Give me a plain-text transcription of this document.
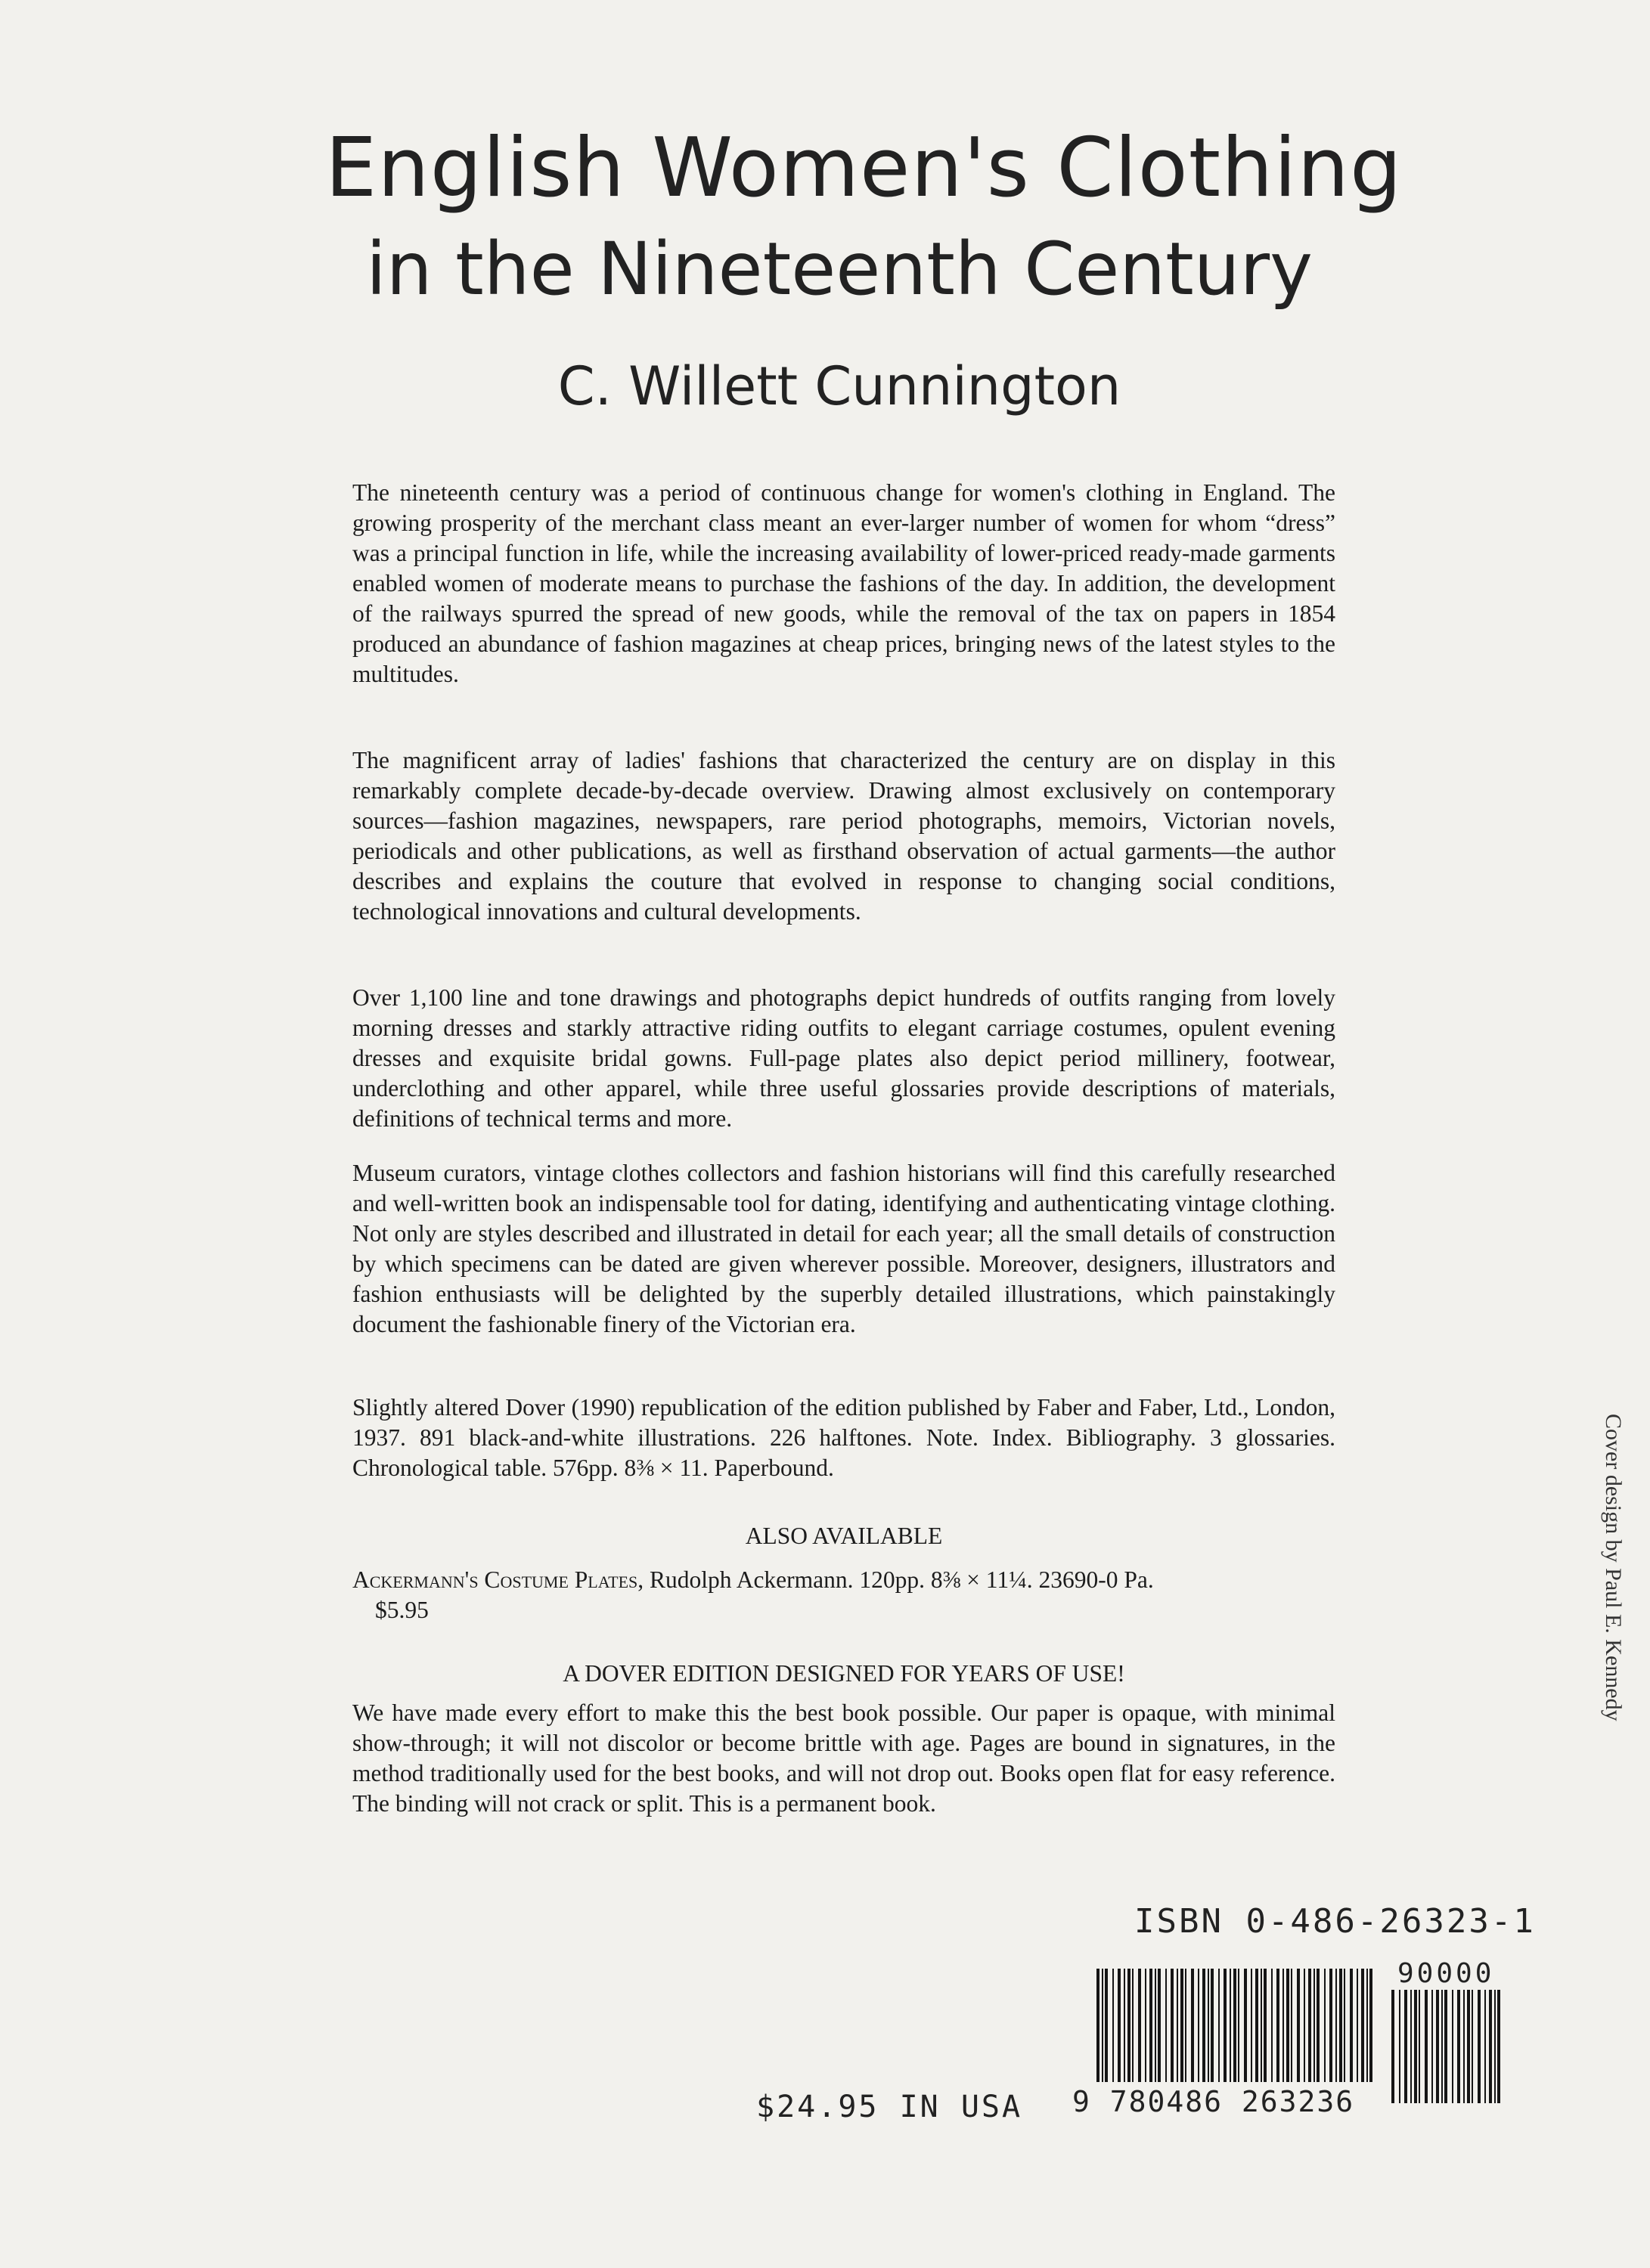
English Women's Clothing
in the Nineteenth Century
C. Willett Cunnington

The nineteenth century was a period of continuous change for women's clothing in England. The growing prosperity of the merchant class meant an ever-larger number of women for whom “dress” was a principal function in life, while the increasing availability of lower-priced ready-made garments enabled women of moderate means to purchase the fashions of the day. In addition, the development of the railways spurred the spread of new goods, while the removal of the tax on papers in 1854 produced an abundance of fashion magazines at cheap prices, bringing news of the latest styles to the multitudes.

The magnificent array of ladies' fashions that characterized the century are on display in this remarkably complete decade-by-decade overview. Drawing almost exclusively on contemporary sources—fashion magazines, newspapers, rare period photographs, memoirs, Victorian novels, periodicals and other publications, as well as firsthand observation of actual garments—the author describes and explains the couture that evolved in response to changing social conditions, technological innovations and cultural developments.

Over 1,100 line and tone drawings and photographs depict hundreds of outfits ranging from lovely morning dresses and starkly attractive riding outfits to elegant carriage costumes, opulent evening dresses and exquisite bridal gowns. Full-page plates also depict period millinery, footwear, underclothing and other apparel, while three useful glossaries provide descriptions of materials, definitions of technical terms and more.

Museum curators, vintage clothes collectors and fashion historians will find this carefully researched and well-written book an indispensable tool for dating, identifying and authenticating vintage clothing. Not only are styles described and illustrated in detail for each year; all the small details of construction by which specimens can be dated are given wherever possible. Moreover, designers, illustrators and fashion enthusiasts will be delighted by the superbly detailed illustrations, which painstakingly document the fashionable finery of the Victorian era.

Slightly altered Dover (1990) republication of the edition published by Faber and Faber, Ltd., London, 1937. 891 black-and-white illustrations. 226 halftones. Note. Index. Bibliography. 3 glossaries. Chronological table. 576pp. 8⅜ × 11. Paperbound.

ALSO AVAILABLE
Ackermann's Costume Plates, Rudolph Ackermann. 120pp. 8⅜ × 11¼. 23690-0 Pa.
$5.95
A DOVER EDITION DESIGNED FOR YEARS OF USE!

We have made every effort to make this the best book possible. Our paper is opaque, with minimal show-through; it will not discolor or become brittle with age. Pages are bound in signatures, in the method traditionally used for the best books, and will not drop out. Books open flat for easy reference. The binding will not crack or split. This is a permanent book.

Cover design by Paul E. Kennedy
ISBN 0-486-26323-1
90000
9 780486 263236
$24.95 IN USA
